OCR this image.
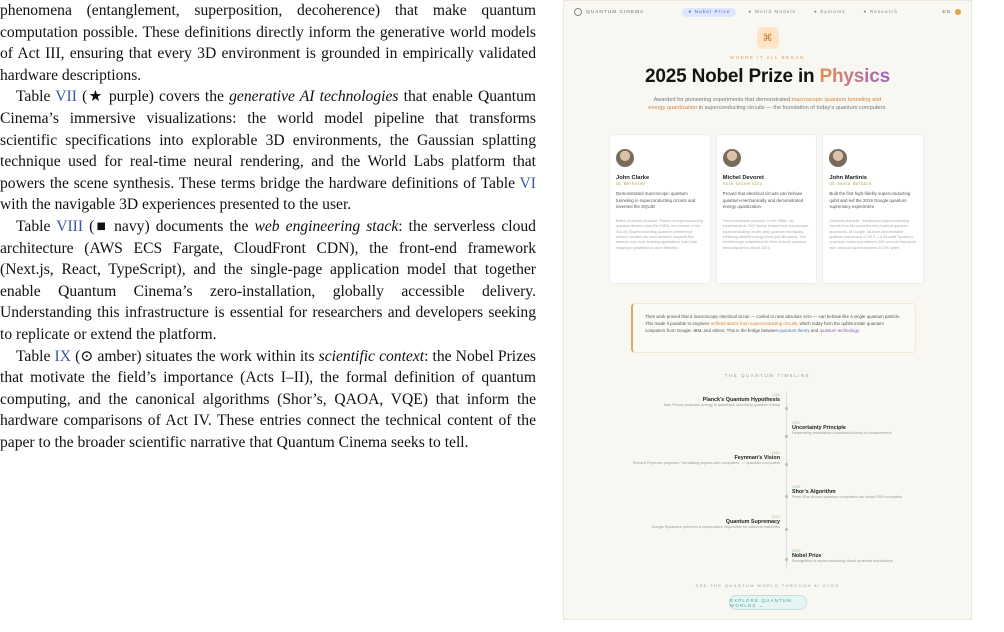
phenomena (entanglement, superposition, decoherence) that make quantum computation possible. These definitions directly inform the generative world models of Act III, ensuring that every 3D environment is grounded in empirically validated hardware descriptions.

Table VII (★ purple) covers the generative AI technologies that enable Quantum Cinema’s immersive visualizations: the world model pipeline that transforms scientific specifications into explorable 3D environments, the Gaussian splatting technique used for real-time neural rendering, and the World Labs platform that powers the scene synthesis. These terms bridge the hardware definitions of Table VI with the navigable 3D experiences presented to the user.

Table VIII (■ navy) documents the web engineering stack: the serverless cloud architecture (AWS ECS Fargate, CloudFront CDN), the front-end framework (Next.js, React, TypeScript), and the single-page application model that together enable Quantum Cinema’s zero-installation, globally accessible delivery. Understanding this infrastructure is essential for researchers and developers seeking to replicate or extend the platform.

Table IX (⊙ amber) situates the work within its scientific context: the Nobel Prizes that motivate the field’s importance (Acts I–II), the formal definition of quantum computing, and the canonical algorithms (Shor’s, QAOA, VQE) that inform the hardware comparisons of Act IV. These entries connect the technical content of the paper to the broader scientific narrative that Quantum Cinema seeks to tell.

QUANTUM CINEMA	● Nobel Prize	● World Models	● Systems	● Research	EN
⌘
WHERE IT ALL BEGAN
2025 Nobel Prize in Physics
Awarded for pioneering experiments that demonstrated macroscopic quantum tunneling and energy quantization in superconducting circuits — the foundation of today’s quantum computers.
John Clarke
UC Berkeley
Demonstrated macroscopic quantum tunneling in superconducting circuits and invented the SQUID
British-American physicist. Pioneer of superconducting quantum devices since the 1960s, the inventor of the SQUID (Superconducting Quantum Interference Device) remains the most sensitive magnetic flux detector ever built, enabling applications from brain imaging to gravitational wave detection.
Michel Devoret
Yale University
Proved that electrical circuits can behave quantum-mechanically and demonstrated energy quantization
French-American physicist. In the 1980s, his experiments at CEO Saclay showed that macroscopic superconducting circuits obey quantum mechanics, exhibiting discrete energy levels just like atoms. This breakthrough established the field of circuit quantum electrodynamics (circuit QED).
John Martinis
UC Santa Barbara
Built the first high-fidelity superconducting qubit and led the 2019 Google quantum supremacy experiment
American physicist. Transformed superconducting circuits from lab curiosities into practical quantum processors. At Google, his team demonstrated quantum supremacy in 2019 — a 53-qubit Sycamore processor solved a problem in 200 seconds that would take classical supercomputers 10,000 years.
Their work proved that a macroscopic electrical circuit — cooled to near absolute zero — can behave like a single quantum particle. This made it possible to engineer artificial atoms from superconducting circuits, which today form the qubits inside quantum computers from Google, IBM, and others. This is the bridge between quantum theory and quantum technology.
THE QUANTUM TIMELINE
1900
Planck’s Quantum Hypothesis
Max Planck proposes energy is quantized, launching quantum theory
1927
Uncertainty Principle
Heisenberg establishes fundamental limits of measurement
1981
Feynman’s Vision
Richard Feynman proposes "simulating physics with computers" — quantum computers
1994
Shor’s Algorithm
Peter Shor proves quantum computers can break RSA encryption
2019
Quantum Supremacy
Google Sycamore performs a computation impossible for classical machines
2025
Nobel Prize
Recognition of superconducting circuit quantum foundations
SEE THE QUANTUM WORLD THROUGH AI EYES
EXPLORE QUANTUM WORLDS →
